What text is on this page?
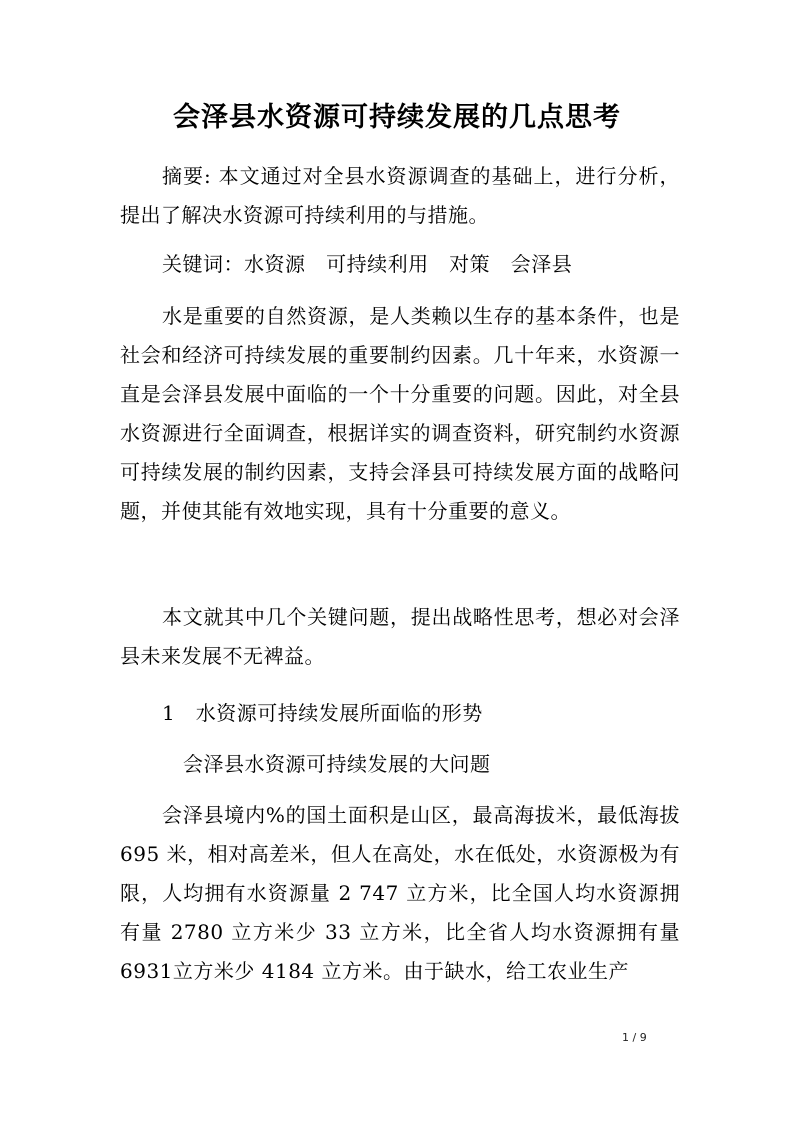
会泽县水资源可持续发展的几点思考
摘要: 本文通过对全县水资源调查的基础上，进行分析，提出了解决水资源可持续利用的与措施。
关键词：水资源   可持续利用   对策   会泽县
水是重要的自然资源，是人类赖以生存的基本条件，也是社会和经济可持续发展的重要制约因素。几十年来，水资源一直是会泽县发展中面临的一个十分重要的问题。因此，对全县水资源进行全面调查，根据详实的调查资料，研究制约水资源可持续发展的制约因素，支持会泽县可持续发展方面的战略问题，并使其能有效地实现，具有十分重要的意义。
本文就其中几个关键问题，提出战略性思考，想必对会泽县未来发展不无裨益。
1   水资源可持续发展所面临的形势
会泽县水资源可持续发展的大问题
会泽县境内%的国土面积是山区，最高海拔米，最低海拔 695 米，相对高差米，但人在高处，水在低处，水资源极为有限，人均拥有水资源量 2 747 立方米，比全国人均水资源拥有量 2780 立方米少 33 立方米，比全省人均水资源拥有量 6931立方米少 4184 立方米。由于缺水，给工农业生产
1 / 9
